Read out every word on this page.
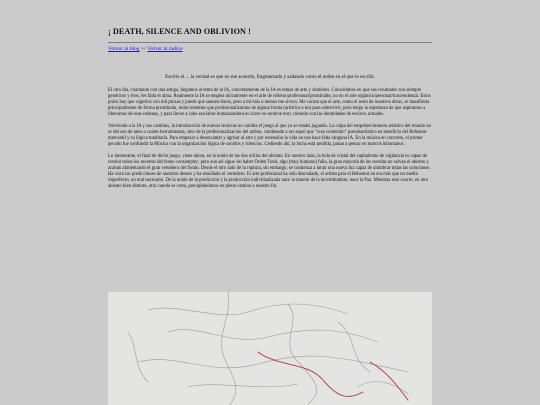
¡ DEATH, SILENCE AND OBLIVION !
Volver al blog /-/ Volver al índice
Escrito el ... la verdad es que no me acuerdo, fragmentado y saltando como el orden en el que lo escribí.

El otro día, charlando con una amiga, llegamos al tema de la IA, concretamente de la IA en temas de arte y similares. Coincidimos en que sus resultados son siempre genéricos y feos, les falta el alma. Realmente la IA se emplea únicamente en el arte de relleno/profesional/prostituido, no en el arte orgánico/personal/trascendental. Estos polos hay que cogerlos con mil pinzas y puede que suenen duros, pero a mí más o menos me sirven. Me consta que el arte, como el resto de nuestros obras, se manifiesta principalmente de forma prostituida, todos tenemos que profesionalizarnos de alguna forma (artística o no) para sobrevivir, pero tengo la esperanza de que aspiramos a liberarnos de esas cadenas, y para llevar a cabo esa labor humanizadora es clave no sentirse muy cómodo con las identidades de esclavo actuales.

Volviendo a la IA y sus cambios, la introducción de nuevas técnicas no cambia el juego al que ya se estaba jugando. La culpa del empobrecimiento artístico del mundo no es del uso de tales o cuales herramientas, sino de la profesionalización del artista, condenado a ser aquel que "crea contenido" pseudoartístico en beneficio del Behemot mercantil y su lógica totalitaria. Para empezar a desencantar y agrisar al arte y por extensión la vida no nos hace falta ninguna IA. En la música en concreto, el primer pecado fue confundir la Música con la organización lógica de sonidos y silencios. Cediendo ahí, la lucha está perdida, pasan a pensar en marcos inhumanos.

Lo interesante, el final de dicho juego, viene ahora, en la unión de las dos orillas del abismo. En nuestro lado, la bola de cristal del capitalismo de vigilancia es capaz de revelar todos los secretos del homo consumptor, pero aun así sigue sin haber Orden Total, algo (muy humano) falla, la gran mayoría de las cuerdas no salvan el abismo y acaban alimentando el gran vertedero del fondo. Desde el otro lado de la ruptura, sin embargo, se comienza a intuir una nueva luz capaz de alumbrar todas las soluciones. Ha visto las predicciones de nuestros deseos y ha estudiado el vertedero. El arte profesional ha sido desnudado, el artista para el Behemot no era más que un medio imperfecto, un mal necesario. De la unión de la predicción y la producción individualizada nace la muerte de la incertidumbre, nace la Paz. Mientras esto ocurre, en otro abismo bien distinto, otra cuerda se corta, precipitándonos en pleno camino a nuestro fin.
